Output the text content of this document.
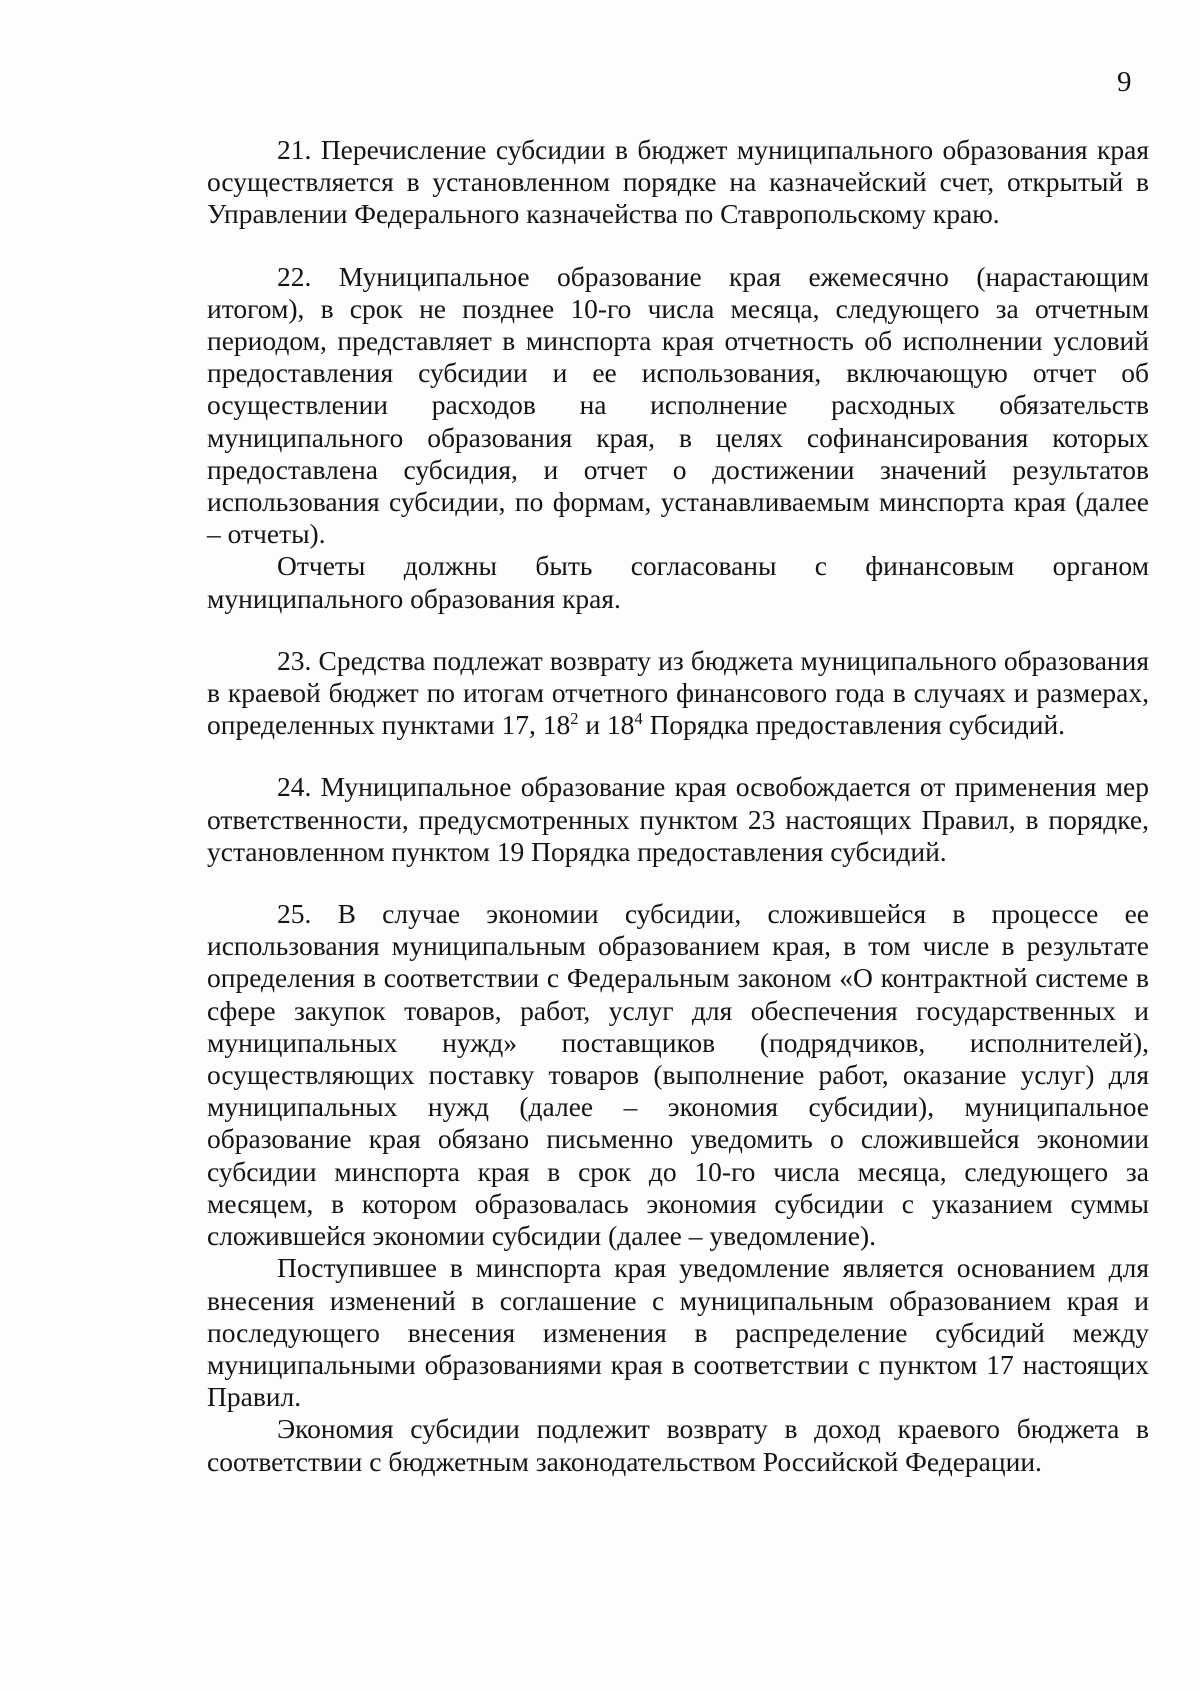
9

21. Перечисление субсидии в бюджет муниципального образования края осуществляется в установленном порядке на казначейский счет, открытый в Управлении Федерального казначейства по Ставропольскому краю.

22. Муниципальное образование края ежемесячно (нарастающим итогом), в срок не позднее 10-го числа месяца, следующего за отчетным периодом, представляет в минспорта края отчетность об исполнении условий предоставления субсидии и ее использования, включающую отчет об осуществлении расходов на исполнение расходных обязательств муниципального образования края, в целях софинансирования которых предоставлена субсидия, и отчет о достижении значений результатов использования субсидии, по формам, устанавливаемым минспорта края (далее – отчеты).

Отчеты должны быть согласованы с финансовым органом муниципального образования края.

23. Средства подлежат возврату из бюджета муниципального образования в краевой бюджет по итогам отчетного финансового года в случаях и размерах, определенных пунктами 17, $18^2$ и $18^4$ Порядка предоставления субсидий.

24. Муниципальное образование края освобождается от применения мер ответственности, предусмотренных пунктом 23 настоящих Правил, в порядке, установленном пунктом 19 Порядка предоставления субсидий.

25. В случае экономии субсидии, сложившейся в процессе ее использования муниципальным образованием края, в том числе в результате определения в соответствии с Федеральным законом «О контрактной системе в сфере закупок товаров, работ, услуг для обеспечения государственных и муниципальных нужд» поставщиков (подрядчиков, исполнителей), осуществляющих поставку товаров (выполнение работ, оказание услуг) для муниципальных нужд (далее – экономия субсидии), муниципальное образование края обязано письменно уведомить о сложившейся экономии субсидии минспорта края в срок до 10-го числа месяца, следующего за месяцем, в котором образовалась экономия субсидии с указанием суммы сложившейся экономии субсидии (далее – уведомление).

Поступившее в минспорта края уведомление является основанием для внесения изменений в соглашение с муниципальным образованием края и последующего внесения изменения в распределение субсидий между муниципальными образованиями края в соответствии с пунктом 17 настоящих Правил.

Экономия субсидии подлежит возврату в доход краевого бюджета в соответствии с бюджетным законодательством Российской Федерации.
